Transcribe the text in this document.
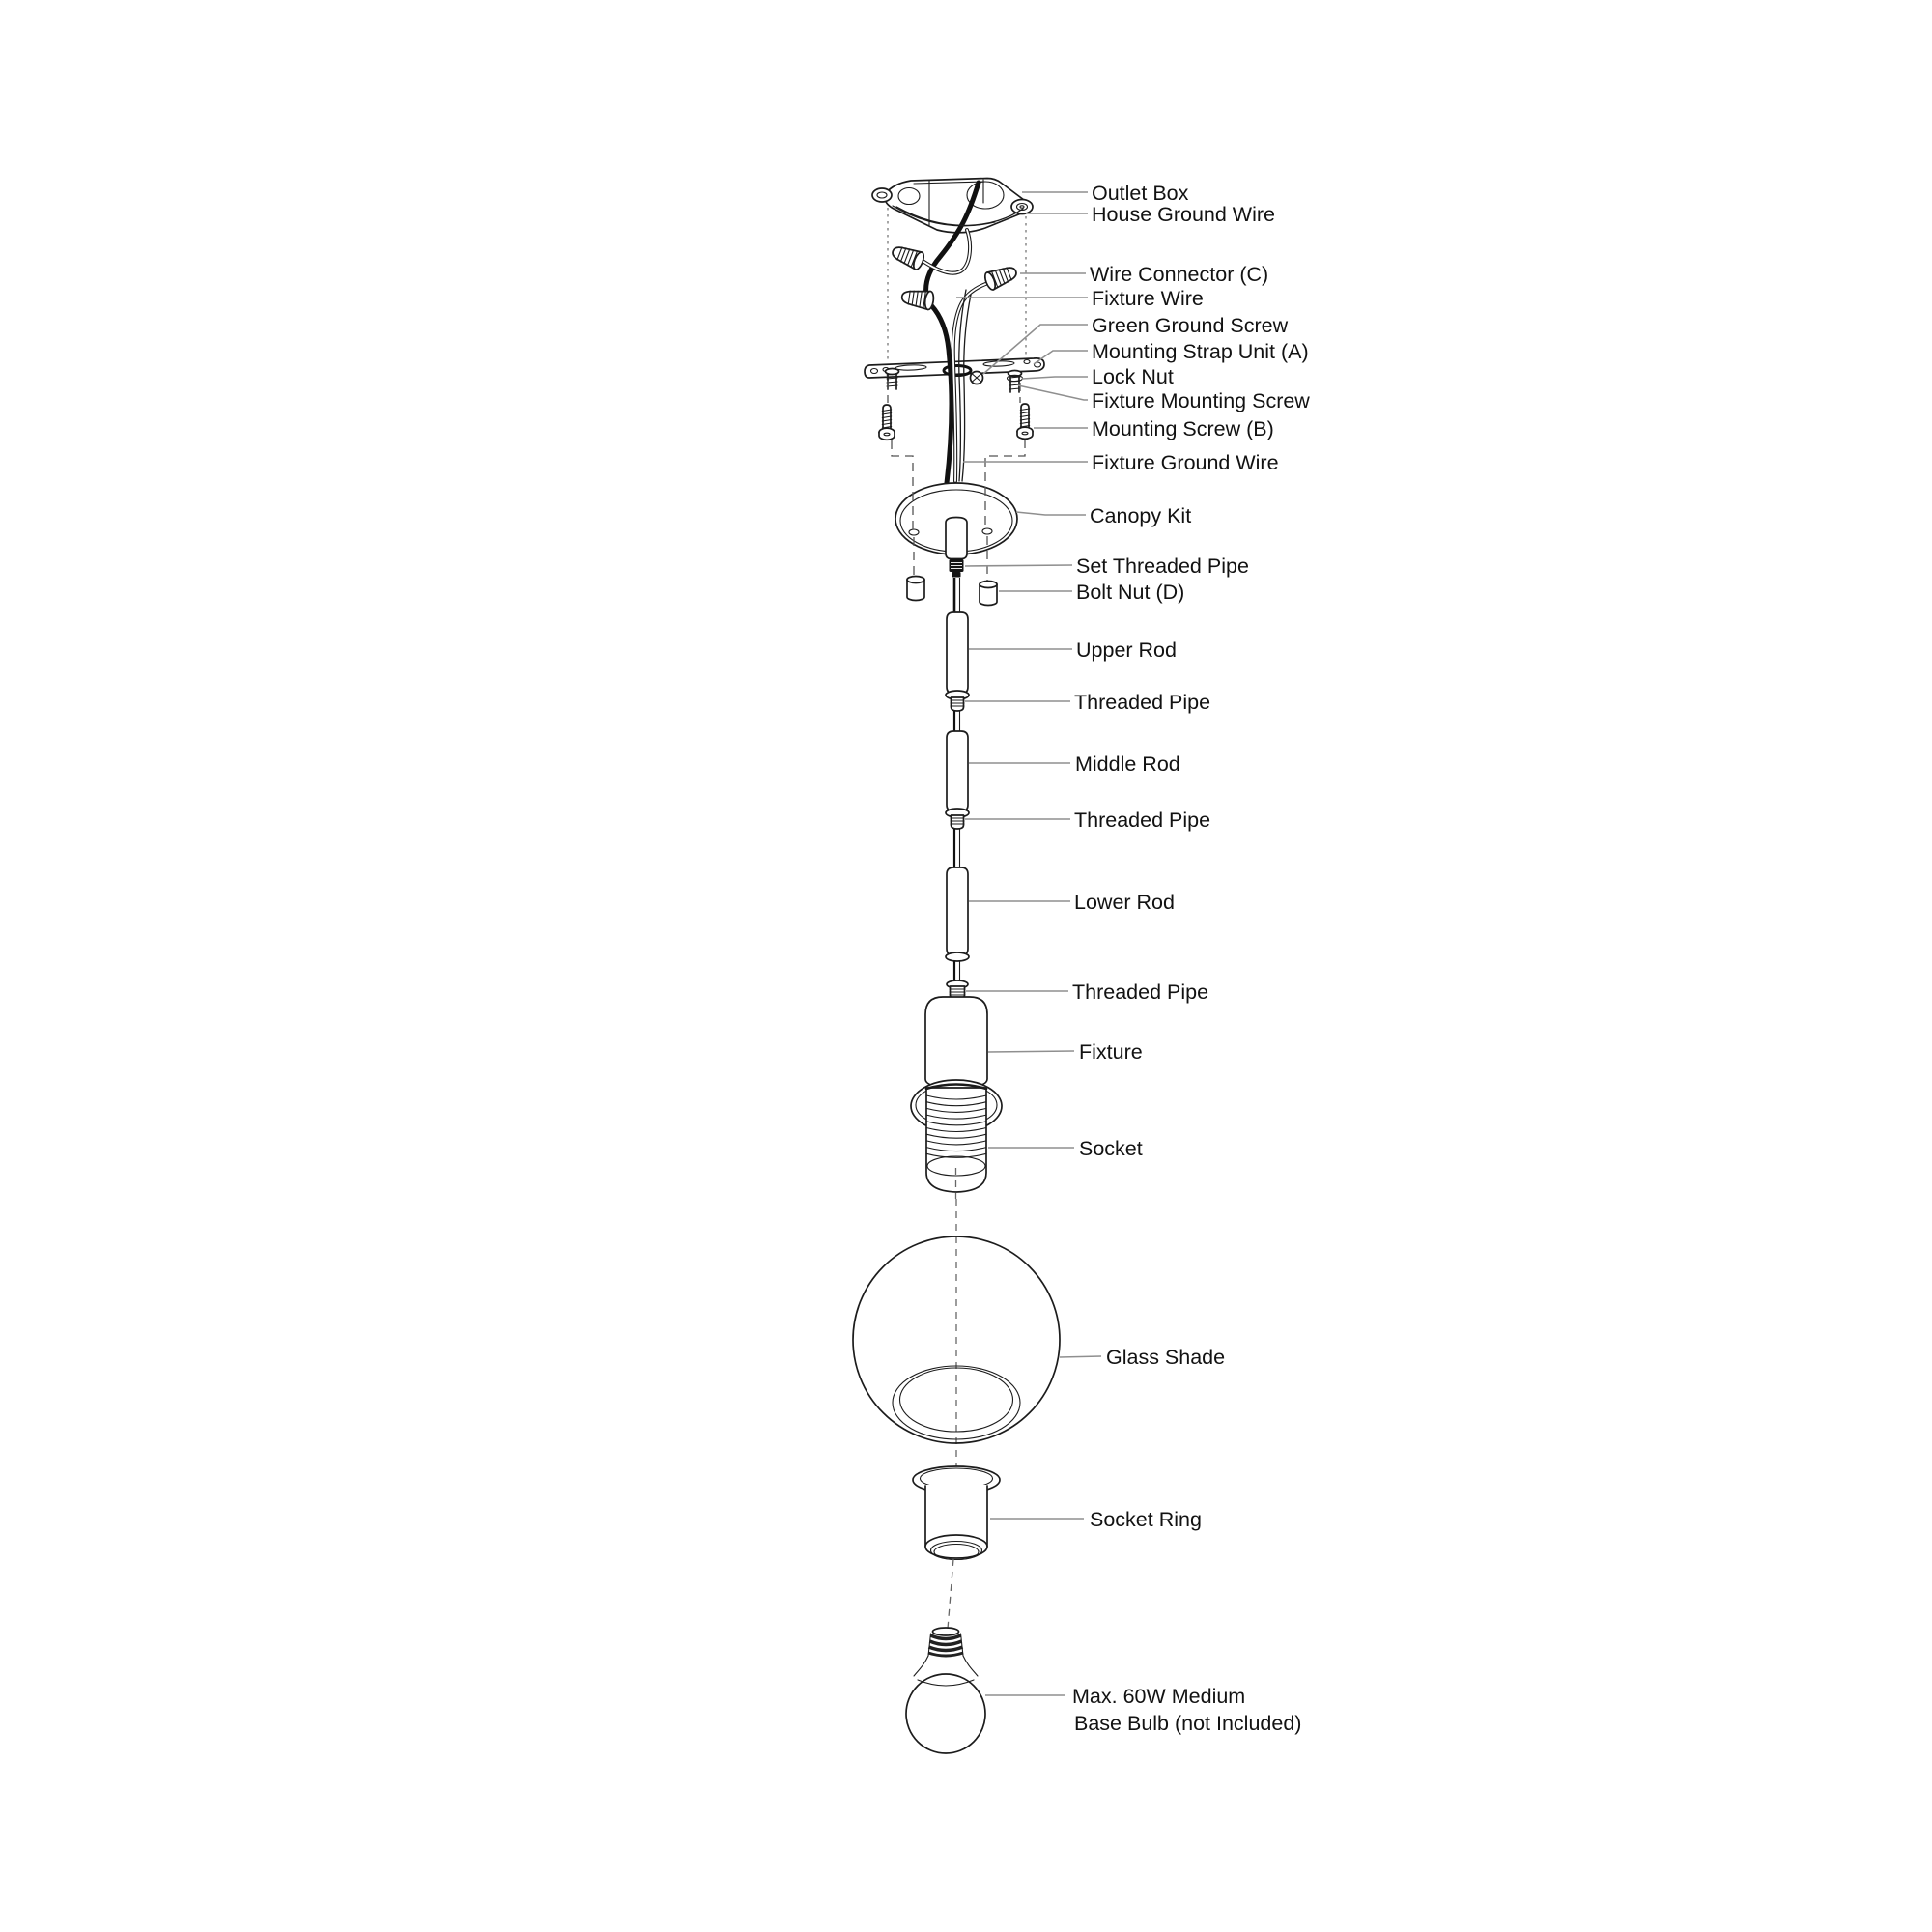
Outlet Box
House Ground Wire
Wire Connector (C)
Fixture Wire
Green Ground Screw
Mounting Strap Unit (A)
Lock Nut
Fixture Mounting Screw
Mounting Screw (B)
Fixture Ground Wire
Canopy Kit
Set Threaded Pipe
Bolt Nut (D)
Upper Rod
Threaded Pipe
Middle Rod
Threaded Pipe
Lower Rod
Threaded Pipe
Fixture
Socket
Glass Shade
Socket Ring
Max. 60W Medium
Base Bulb (not Included)
